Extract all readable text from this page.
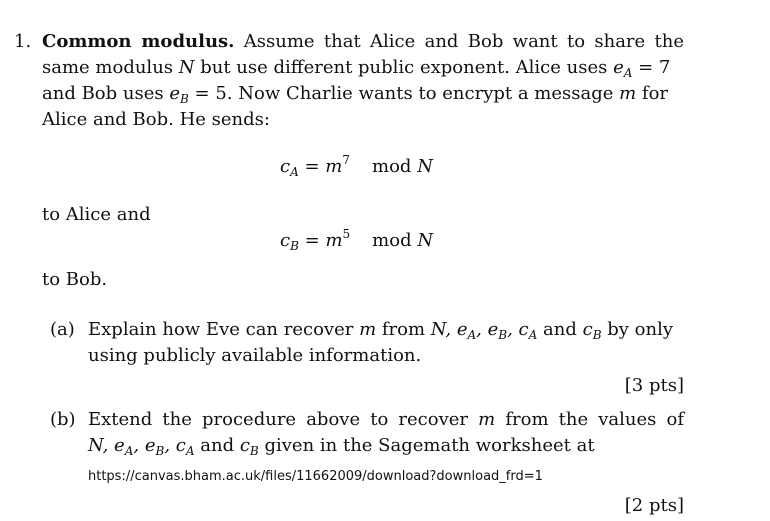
1. Common modulus. Assume that Alice and Bob want to share the
same modulus N but use different public exponent. Alice uses $e_A = 7$
and Bob uses $e_B = 5$. Now Charlie wants to encrypt a message m for
Alice and Bob. He sends:
$c_A = m^7$ mod N
to Alice and
$c_B = m^5$ mod N
to Bob.
(a) Explain how Eve can recover m from N, $e_A$, $e_B$, $c_A$ and $c_B$ by only
using publicly available information.
[3 pts]
(b) Extend the procedure above to recover m from the values of
N, $e_A$, $e_B$, $c_A$ and $c_B$ given in the Sagemath worksheet at
https://canvas.bham.ac.uk/files/11662009/download?download_frd=1
[2 pts]
